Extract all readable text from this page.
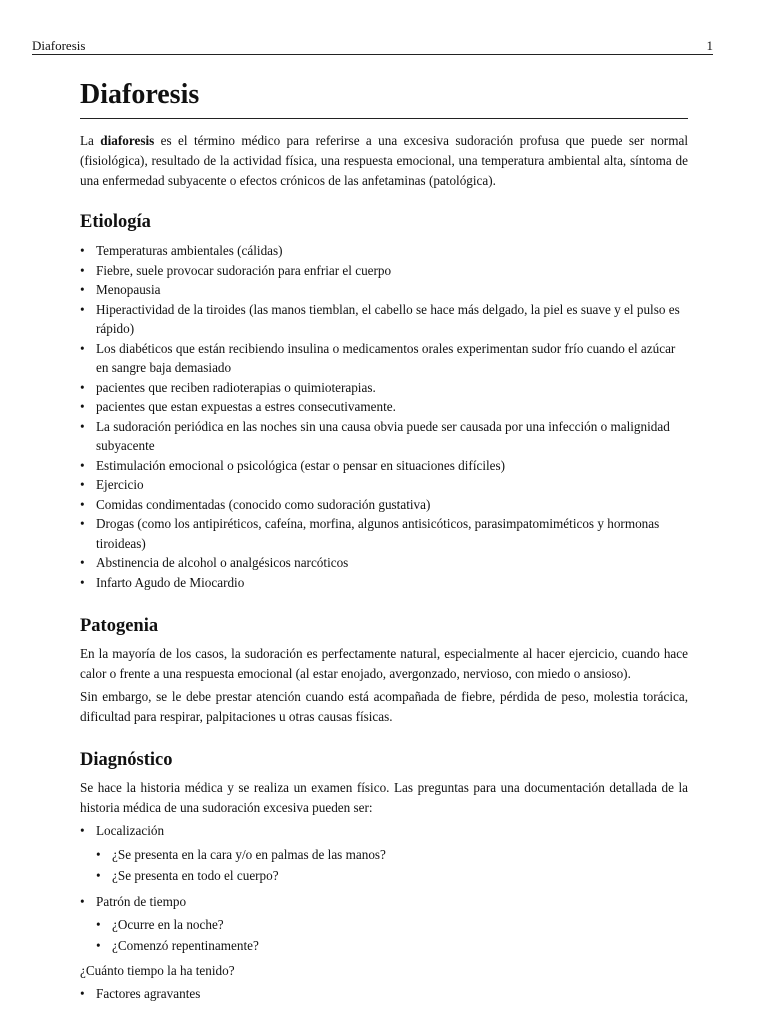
Diaforesis	1
Diaforesis

La diaforesis es el término médico para referirse a una excesiva sudoración profusa que puede ser normal (fisiológica), resultado de la actividad física, una respuesta emocional, una temperatura ambiental alta, síntoma de una enfermedad subyacente o efectos crónicos de las anfetaminas (patológica).

Etiología
• Temperaturas ambientales (cálidas)
• Fiebre, suele provocar sudoración para enfriar el cuerpo
• Menopausia
• Hiperactividad de la tiroides (las manos tiemblan, el cabello se hace más delgado, la piel es suave y el pulso es rápido)
• Los diabéticos que están recibiendo insulina o medicamentos orales experimentan sudor frío cuando el azúcar en sangre baja demasiado
• pacientes que reciben radioterapias o quimioterapias.
• pacientes que estan expuestas a estres consecutivamente.
• La sudoración periódica en las noches sin una causa obvia puede ser causada por una infección o malignidad subyacente
• Estimulación emocional o psicológica (estar o pensar en situaciones difíciles)
• Ejercicio
• Comidas condimentadas (conocido como sudoración gustativa)
• Drogas (como los antipiréticos, cafeína, morfina, algunos antisicóticos, parasimpatomiméticos y hormonas tiroideas)
• Abstinencia de alcohol o analgésicos narcóticos
• Infarto Agudo de Miocardio
Patogenia

En la mayoría de los casos, la sudoración es perfectamente natural, especialmente al hacer ejercicio, cuando hace calor o frente a una respuesta emocional (al estar enojado, avergonzado, nervioso, con miedo o ansioso).

Sin embargo, se le debe prestar atención cuando está acompañada de fiebre, pérdida de peso, molestia torácica, dificultad para respirar, palpitaciones u otras causas físicas.

Diagnóstico

Se hace la historia médica y se realiza un examen físico. Las preguntas para una documentación detallada de la historia médica de una sudoración excesiva pueden ser:

• Localización
• ¿Se presenta en la cara y/o en palmas de las manos?
• ¿Se presenta en todo el cuerpo?
• Patrón de tiempo
• ¿Ocurre en la noche?
• ¿Comenzó repentinamente?

¿Cuánto tiempo la ha tenido?

• Factores agravantes
